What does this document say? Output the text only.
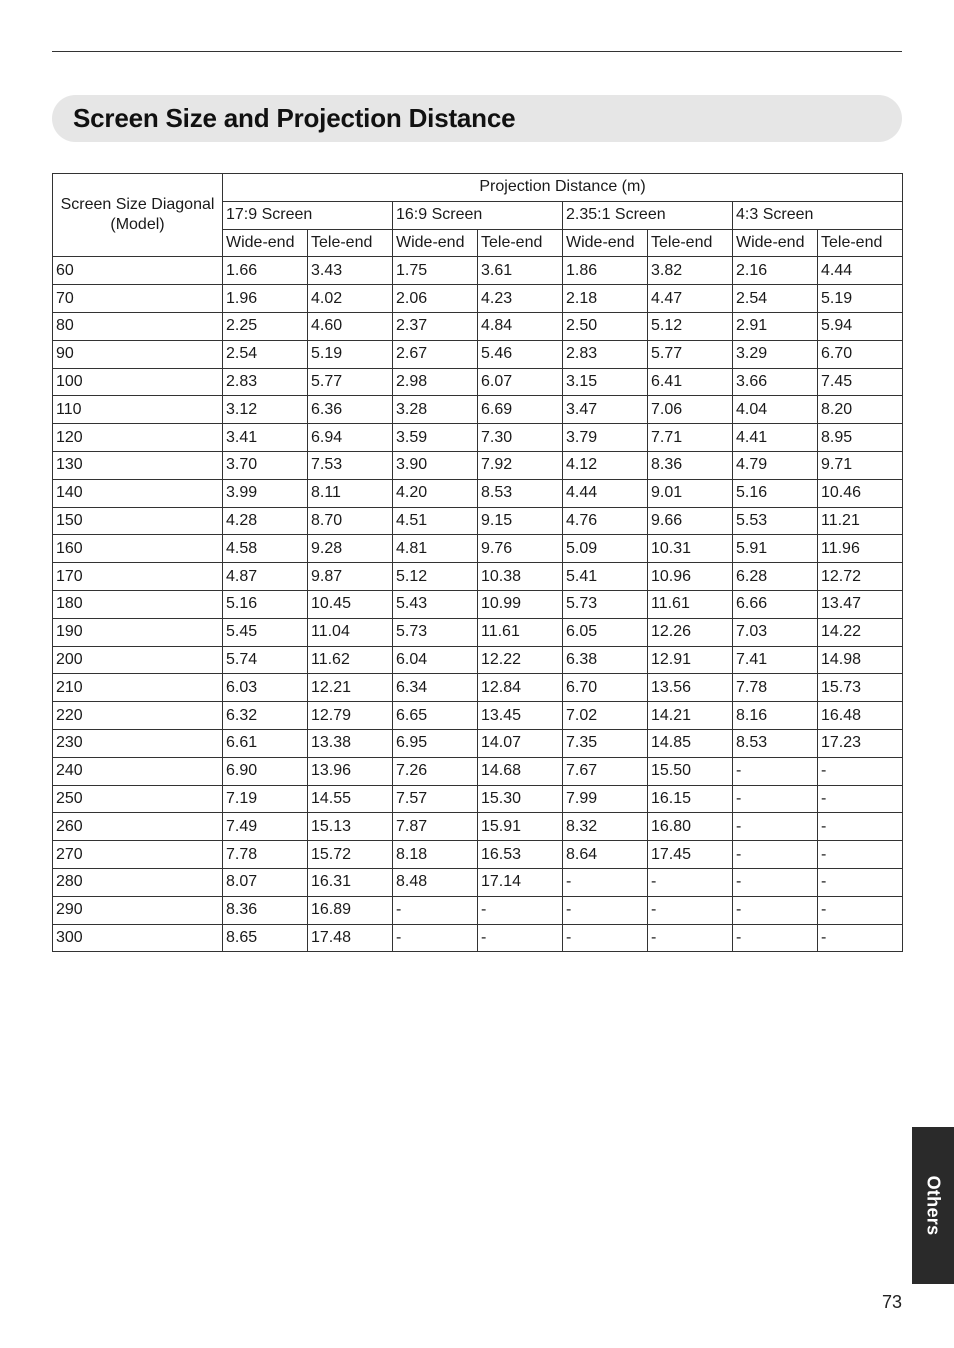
Screen Size and Projection Distance
Screen Size Diagonal (Model)	Projection Distance (m)							
	17:9 Screen		16:9 Screen		2.35:1 Screen		4:3 Screen	
	Wide-end	Tele-end	Wide-end	Tele-end	Wide-end	Tele-end	Wide-end	Tele-end
60	1.66	3.43	1.75	3.61	1.86	3.82	2.16	4.44
70	1.96	4.02	2.06	4.23	2.18	4.47	2.54	5.19
80	2.25	4.60	2.37	4.84	2.50	5.12	2.91	5.94
90	2.54	5.19	2.67	5.46	2.83	5.77	3.29	6.70
100	2.83	5.77	2.98	6.07	3.15	6.41	3.66	7.45
110	3.12	6.36	3.28	6.69	3.47	7.06	4.04	8.20
120	3.41	6.94	3.59	7.30	3.79	7.71	4.41	8.95
130	3.70	7.53	3.90	7.92	4.12	8.36	4.79	9.71
140	3.99	8.11	4.20	8.53	4.44	9.01	5.16	10.46
150	4.28	8.70	4.51	9.15	4.76	9.66	5.53	11.21
160	4.58	9.28	4.81	9.76	5.09	10.31	5.91	11.96
170	4.87	9.87	5.12	10.38	5.41	10.96	6.28	12.72
180	5.16	10.45	5.43	10.99	5.73	11.61	6.66	13.47
190	5.45	11.04	5.73	11.61	6.05	12.26	7.03	14.22
200	5.74	11.62	6.04	12.22	6.38	12.91	7.41	14.98
210	6.03	12.21	6.34	12.84	6.70	13.56	7.78	15.73
220	6.32	12.79	6.65	13.45	7.02	14.21	8.16	16.48
230	6.61	13.38	6.95	14.07	7.35	14.85	8.53	17.23
240	6.90	13.96	7.26	14.68	7.67	15.50	-	-
250	7.19	14.55	7.57	15.30	7.99	16.15	-	-
260	7.49	15.13	7.87	15.91	8.32	16.80	-	-
270	7.78	15.72	8.18	16.53	8.64	17.45	-	-
280	8.07	16.31	8.48	17.14	-	-	-	-
290	8.36	16.89	-	-	-	-	-	-
300	8.65	17.48	-	-	-	-	-	-
Others
73
